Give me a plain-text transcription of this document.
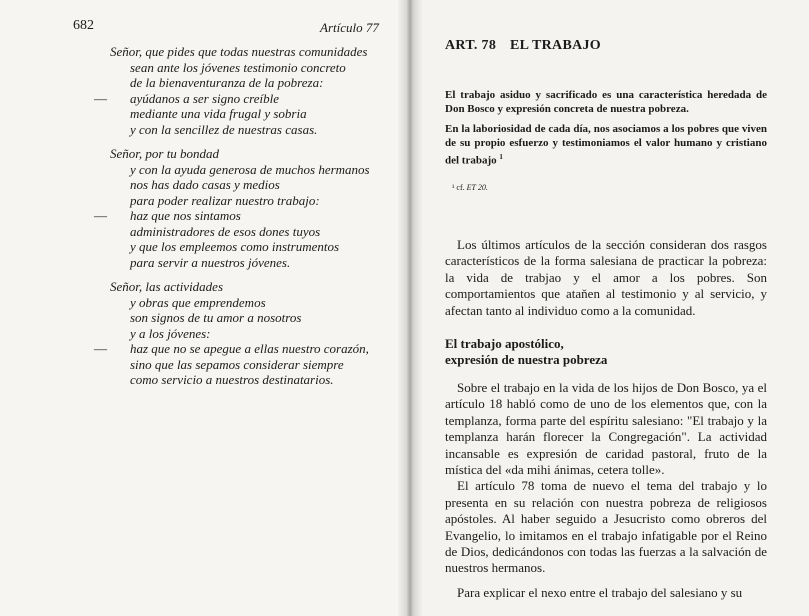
682	Artículo 77
Señor, que pides que todas nuestras comunidades
sean ante los jóvenes testimonio concreto
de la bienaventuranza de la pobreza:
— ayúdanos a ser signo creíble
mediante una vida frugal y sobria
y con la sencillez de nuestras casas.
Señor, por tu bondad
y con la ayuda generosa de muchos hermanos
nos has dado casas y medios
para poder realizar nuestro trabajo:
— haz que nos sintamos
administradores de esos dones tuyos
y que los empleemos como instrumentos
para servir a nuestros jóvenes.
Señor, las actividades
y obras que emprendemos
son signos de tu amor a nosotros
y a los jóvenes:
— haz que no se apegue a ellas nuestro corazón,
sino que las sepamos considerar siempre
como servicio a nuestros destinatarios.
ART. 78 EL TRABAJO

El trabajo asiduo y sacrificado es una característica heredada de Don Bosco y expresión concreta de nuestra pobreza.

En la laboriosidad de cada día, nos asociamos a los pobres que viven de su propio esfuerzo y testimoniamos el valor humano y cristiano del trabajo $^1$

¹ cf. ET 20.

Los últimos artículos de la sección consideran dos rasgos característicos de la forma salesiana de practicar la pobreza: la vida de trabjao y el amor a los pobres. Son comportamientos que ataňen al testimonio y al servicio, y afectan tanto al individuo como a la comunidad.

El trabajo apostólico,
expresión de nuestra pobreza

Sobre el trabajo en la vida de los hijos de Don Bosco, ya el artículo 18 habló como de uno de los elementos que, con la templanza, forma parte del espíritu salesiano: "El trabajo y la templanza harán florecer la Congregación". La actividad incansable es expresión de caridad pastoral, fruto de la mística del «da mihi ánimas, cetera tolle».

El artículo 78 toma de nuevo el tema del trabajo y lo presenta en su relación con nuestra pobreza de religiosos apóstoles. Al haber seguido a Jesucristo como obreros del Evangelio, lo imitamos en el trabajo infatigable por el Reino de Dios, dedicándonos con todas las fuerzas a la salvación de nuestros hermanos.

Para explicar el nexo entre el trabajo del salesiano y su
